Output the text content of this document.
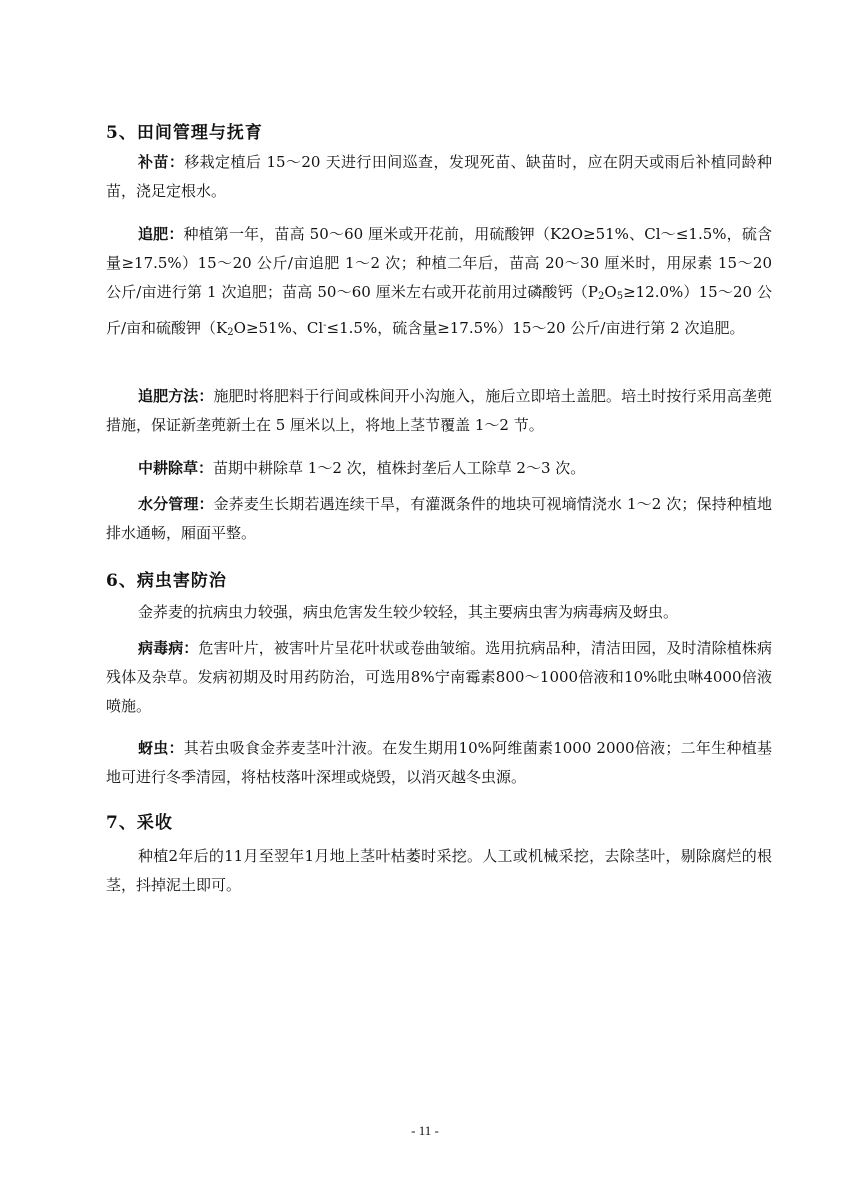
5、田间管理与抚育

补苗：移栽定植后 15～20 天进行田间巡查，发现死苗、缺苗时，应在阴天或雨后补植同龄种苗，浇足定根水。

追肥：种植第一年，苗高 50～60 厘米或开花前，用硫酸钾（K2O≥51%、Cl～≤1.5%，硫含量≥17.5%）15～20 公斤/亩追肥 1～2 次；种植二年后，苗高 20～30 厘米时，用尿素 15～20 公斤/亩进行第 1 次追肥；苗高 50～60 厘米左右或开花前用过磷酸钙$(P_2O_5\ge 12.0\%)15\sim 20$ 公斤/亩和硫酸钾（$K_2O\ge 51\%$、Cl-≤1.5%，硫含量≥17.5%）15～20 公斤/亩进行第 2 次追肥。

追肥方法：施肥时将肥料于行间或株间开小沟施入，施后立即培土盖肥。培土时按行采用高垄蔸措施，保证新垄蔸新土在 5 厘米以上，将地上茎节覆盖 1～2 节。

中耕除草：苗期中耕除草 1～2 次，植株封垄后人工除草 2～3 次。

水分管理：金荞麦生长期若遇连续干旱，有灌溉条件的地块可视墒情浇水 1～2 次；保持种植地排水通畅，厢面平整。

6、病虫害防治

金荞麦的抗病虫力较强，病虫危害发生较少较轻，其主要病虫害为病毒病及蚜虫。

病毒病：危害叶片，被害叶片呈花叶状或卷曲皱缩。选用抗病品种，清洁田园，及时清除植株病残体及杂草。发病初期及时用药防治，可选用8%宁南霉素800～1000倍液和10%吡虫啉4000倍液喷施。

蚜虫：其若虫吸食金荞麦茎叶汁液。在发生期用10%阿维菌素1000 2000倍液；二年生种植基地可进行冬季清园，将枯枝落叶深埋或烧毁，以消灭越冬虫源。

7、采收

种植2年后的11月至翌年1月地上茎叶枯萎时采挖。人工或机械采挖，去除茎叶，剔除腐烂的根茎，抖掉泥土即可。

- 11 -
